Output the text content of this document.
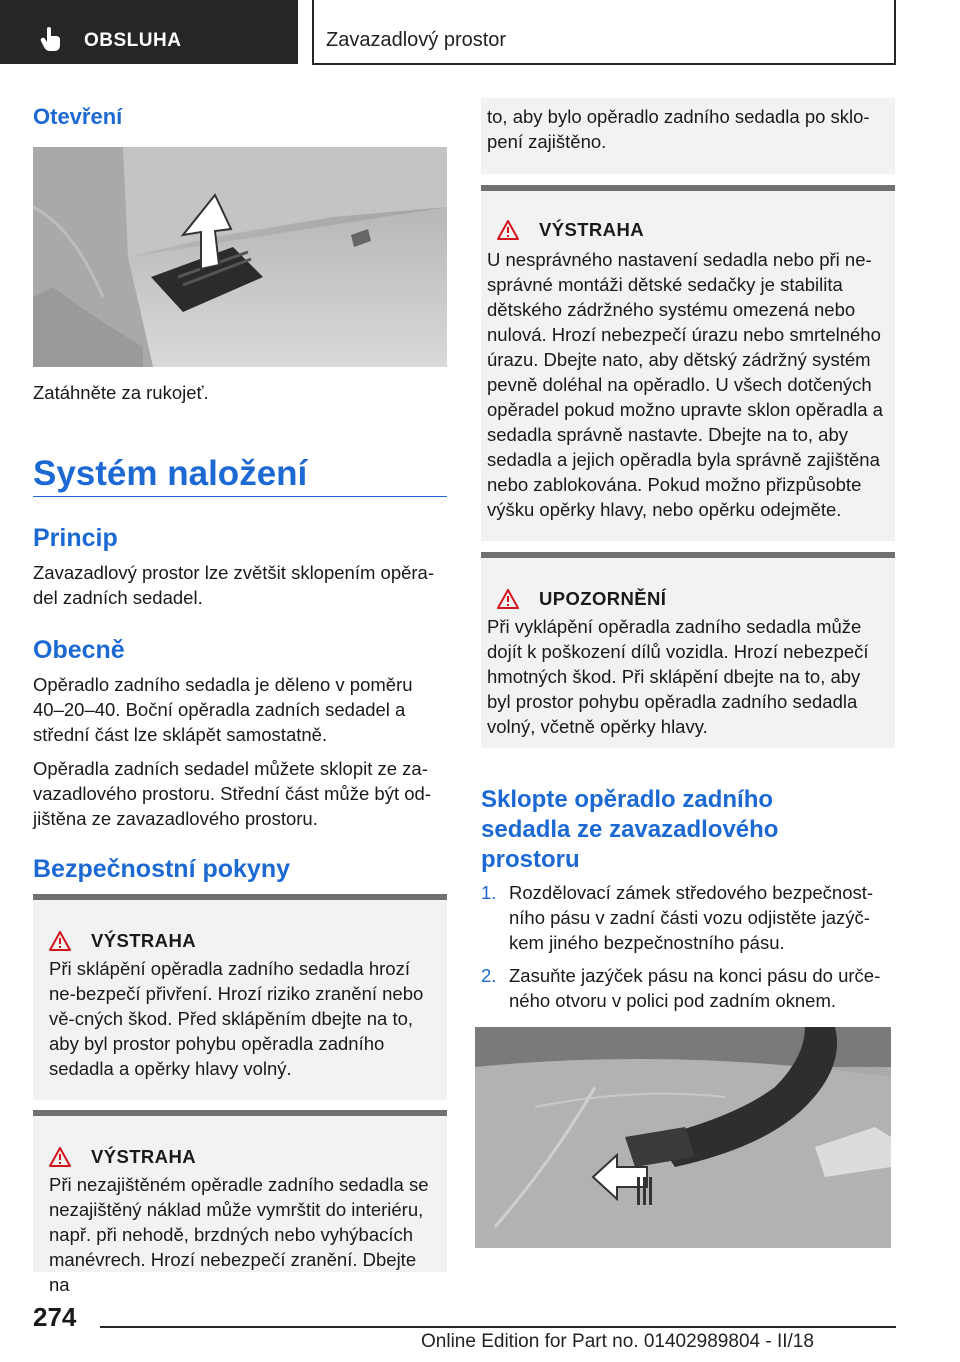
OBSLUHA	Zavazadlový prostor
Otevření

Zatáhněte za rukojeť.

Systém naložení
Princip

Zavazadlový prostor lze zvětšit sklopením opěra-del zadních sedadel.

Obecně

Opěradlo zadního sedadla je děleno v poměru 40–20–40. Boční opěradla zadních sedadel a střední část lze sklápět samostatně.

Opěradla zadních sedadel můžete sklopit ze za-vazadlového prostoru. Střední část může být od-jištěna ze zavazadlového prostoru.

Bezpečnostní pokyny
VÝSTRAHA
Při sklápění opěradla zadního sedadla hrozí ne-bezpečí přivření. Hrozí riziko zranění nebo vě-cných škod. Před sklápěním dbejte na to, aby byl prostor pohybu opěradla zadního sedadla a opěrky hlavy volný.
VÝSTRAHA
Při nezajištěném opěradle zadního sedadla se nezajištěný náklad může vymrštit do interiéru, např. při nehodě, brzdných nebo vyhýbacích manévrech. Hrozí nebezpečí zranění. Dbejte na
to, aby bylo opěradlo zadního sedadla po sklo-pení zajištěno.
VÝSTRAHA
U nesprávného nastavení sedadla nebo při ne-správné montáži dětské sedačky je stabilita dětského zádržného systému omezená nebo nulová. Hrozí nebezpečí úrazu nebo smrtelného úrazu. Dbejte nato, aby dětský zádržný systém pevně doléhal na opěradlo. U všech dotčených opěradel pokud možno upravte sklon opěradla a sedadla správně nastavte. Dbejte na to, aby sedadla a jejich opěradla byla správně zajištěna nebo zablokována. Pokud možno přizpůsobte výšku opěrky hlavy, nebo opěrku odejměte.
UPOZORNĚNÍ
Při vyklápění opěradla zadního sedadla může dojít k poškození dílů vozidla. Hrozí nebezpečí hmotných škod. Při sklápění dbejte na to, aby byl prostor pohybu opěradla zadního sedadla volný, včetně opěrky hlavy.
Sklopte opěradlo zadního sedadla ze zavazadlového prostoru
1. Rozdělovací zámek středového bezpečnost-ního pásu v zadní části vozu odjistěte jazýč-kem jiného bezpečnostního pásu.
2. Zasuňte jazýček pásu na konci pásu do urče-ného otvoru v polici pod zadním oknem.
274
Online Edition for Part no. 01402989804 - II/18
